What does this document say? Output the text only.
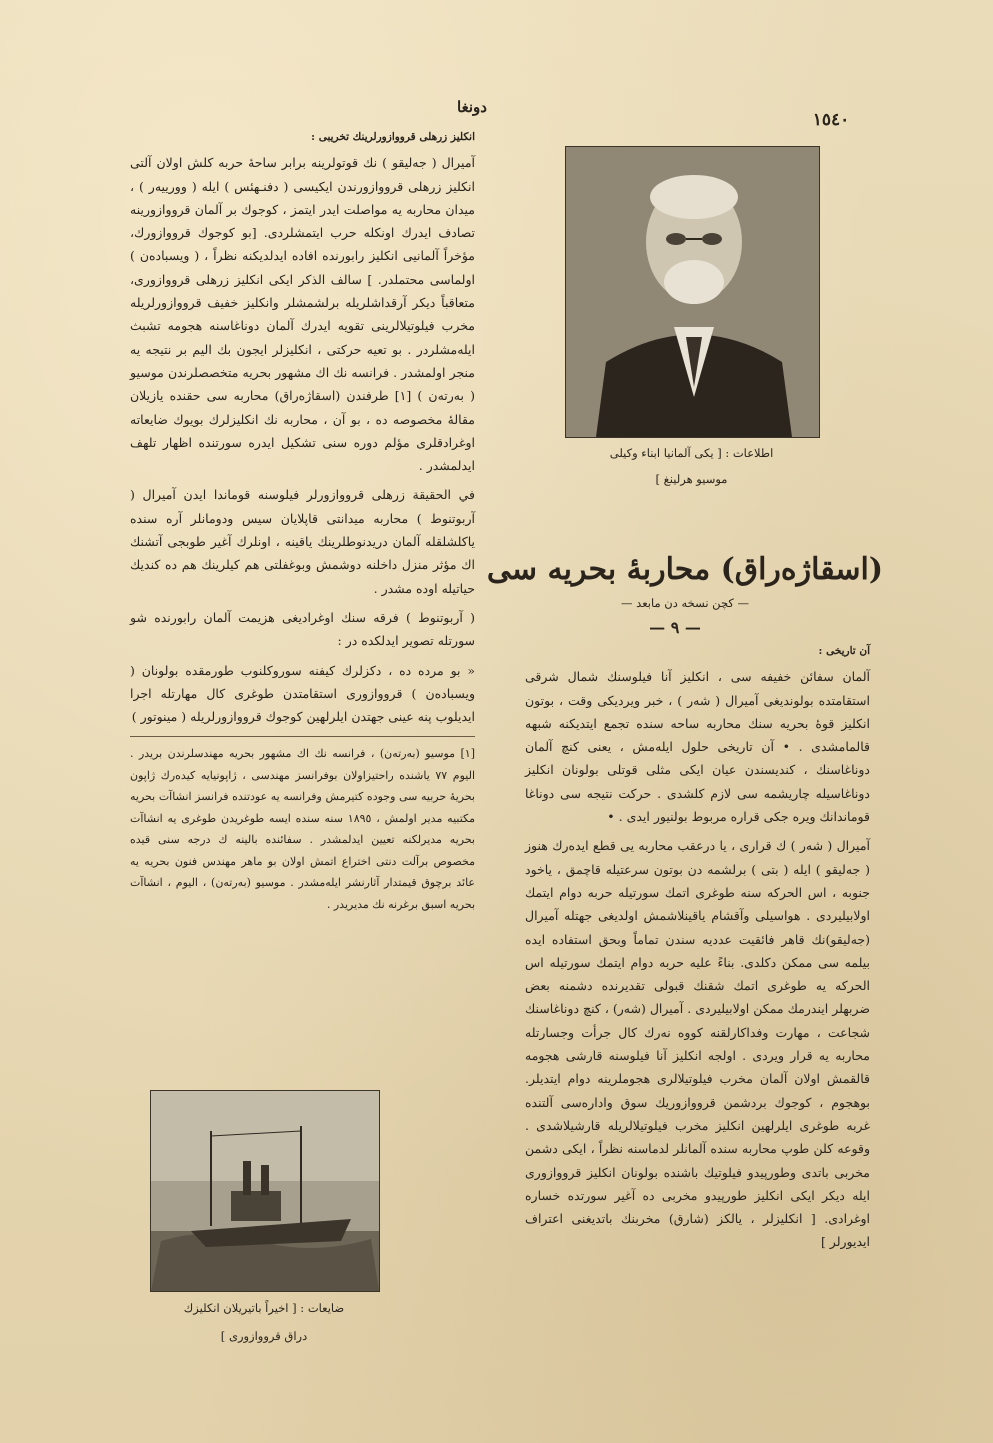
دونغا
١٥٤٠
انكليز زرهلى قرووازورلرينك تخريبى :

آميرال ( جەليقو ) نك قوتولرينه برابر ساحهٔ حربه كلش اولان آلتى انكليز زرهلى قرووازورندن ايكيسى ( دفنـهئس ) ايله ( وورييەر ) ، ميدان محاربه يه مواصلت ايدر ايتمز ، كوجوك بر آلمان قرووازورينه تصادف ايدرك اونكله حرب ايتمشلردى. [بو كوجوك قرووازورك، مؤخراً آلمانيى انكليز رابورنده افاده ايدلديكنه نظراً ، ( ويسبادەن ) اولماسى محتملدر. ] سالف الذكر ايكى انكليز زرهلى قرووازورى، متعاقباً ديكر آرقداشلريله برلشمشلر وانكليز خفيف قرووازورلريله مخرب فيلوتيلالرينى تقويه ايدرك آلمان دوناغاسنه هجومه تشبث ايلەمشلردر . بو تعيه حركتى ، انكليزلر ايجون بك اليم بر نتيجه يه منجر اولمشدر . فرانسه نك اك مشهور بحريه متخصصلرندن موسيو ( بەرتەن ) [١] طرفندن (اسقاژەراق) محاربه سى حقنده يازيلان مقالهٔ مخصوصه ده ، بو آن ، محاربه نك انكليزلرك بويوك ضايعاته اوغرادقلرى مؤلم دوره سنى تشكيل ايدره سورتنده اظهار تلهف ايدلمشدر .

في الحقيقة زرهلى قرووازورلر فيلوسنه قوماندا ايدن آميرال ( آربوتنوط ) محاربه ميدانتى قاپلايان سيس ودومانلر آره سنده ياكلشلقله آلمان دريدنوطلرينك ياقينه ، اونلرك آغير طوبجى آتشنك اك مؤثر منزل داخلنه دوشمش وبوغفلتى هم كيلرينك هم ده كنديك حياتيله اوده مشدر .

( آربوتنوط ) فرقه سنك اوغراديغى هزيمت آلمان رابورنده شو سورتله تصوير ايدلكده در :

« بو مرده ده ، دكزلرك كيفنه سوروكلنوب طورمقده بولونان ( ويسبادەن ) قرووازورى استقامتدن طوغرى كال مهارتله اجرا ايديلوب پنه عينى جهتدن ايلرلهين كوجوك قرووازورلريله ( مينوتور )

[١] موسيو (بەرتەن) ، فرانسه نك اك مشهور بحريه مهندسلرندن بريدر . اليوم ٧٧ ياشنده راحتيزاولان بوفرانسز مهندسى ، ژاپونيايه كيدەرك ژاپون بحريهٔ حربيه سى وجوده كتيرمش وفرانسه يه عودتنده فرانسز انشاآت بحريه مكتبيه مدير اولمش ، ١٨٩٥ سنه سنده ايسه طوغريدن طوغرى يه انشاآت بحريه مديرلكنه تعيين ايدلمشدر . سفائنده بالينه ك درجه سنى قيده مخصوص برآلت دنتى اختراع اتمش اولان بو ماهر مهندس فنون بحريه يه عائد برچوق قيمتدار آثارنشر ايلەمشدر . موسيو (بەرتەن) ، اليوم ، انشاآت بحريه اسبق برغرنه نك مديريدر .
اطلاعات : [ يكى آلمانيا ابناء وكيلى
موسيو هرلينغ ]
(اسقاژەراق) محاربهٔ بحريه سى
— كچن نسخه دن مابعد —
— ٩ —
آن تاريخى :

آلمان سفائن خفيفه سى ، انكليز آنا فيلوسنك شمال شرقى استقامتده بولونديغى آميرال ( شەر ) ، خبر ويرديكى وقت ، بوتون انكليز قوهٔ بحريه سنك محاربه ساحه سنده تجمع ايتديكنه شبهه قالمامشدى . • آن تاريخى حلول ايلەمش ، يعنى كنچ آلمان دوناغاسنك ، كنديسندن عيان ايكى مثلى قوتلى بولونان انكليز دوناغاسيله چاريشمه سى لازم كلشدى . حركت نتيجه سى دوناغا قوماندانك ويره جكى قراره مربوط بولنيور ايدى . •

آميرال ( شەر ) ك قرارى ، يا درعقب محاربه يى قطع ايدەرك هنوز ( جەليقو ) ايله ( بتى ) برلشمه دن بوتون سرعتيله قاچمق ، ياخود جنوبه ، اس الحركه سنه طوغرى اتمك سورتيله حربه دوام ايتمك اولابيليردى . هواسيلى وآقشام ياقينلاشمش اولديغى جهتله آميرال (جەليقو)نك قاهر فائقيت عدديه سندن تماماً وبحق استفاده ايده بيلمه سى ممكن دكلدى. بناءً عليه حربه دوام ايتمك سورتيله اس الحركه يه طوغرى اتمك شقنك قبولى تقديرنده دشمنه بعض ضربهلر ايندرمك ممكن اولابيليردى . آميرال (شەر) ، كنچ دوناغاسنك شجاعت ، مهارت وفداكارلقنه كووه نەرك كال جرأت وجسارتله محاربه يه قرار ويردى . اولجه انكليز آنا فيلوسنه قارشى هجومه قالقمش اولان آلمان مخرب فيلوتيلالرى هجوملرينه دوام ايتديلر. بوهجوم ، كوجوك بردشمن قرووازوريك سوق وادارەسى آلتنده غربه طوغرى ايلرلهين انكليز مخرب فيلوتيلالريله قارشيلاشدى . وقوعه كلن طوپ محاربه سنده آلمانلر لدماسنه نظراً ، ايكى دشمن مخربى باتدى وطورپيدو فيلوتيك باشنده بولونان انكليز قرووازورى ايله ديكر ايكى انكليز طورپيدو مخربى ده آغير سورتده خساره اوغرادى. [ انكليزلر ، يالكز (شارق) مخربنك باتديغنى اعتراف ايديورلر ]

ضايعات : [ اخيراً باتيريلان انكليزك
دراق قرووازورى ]
